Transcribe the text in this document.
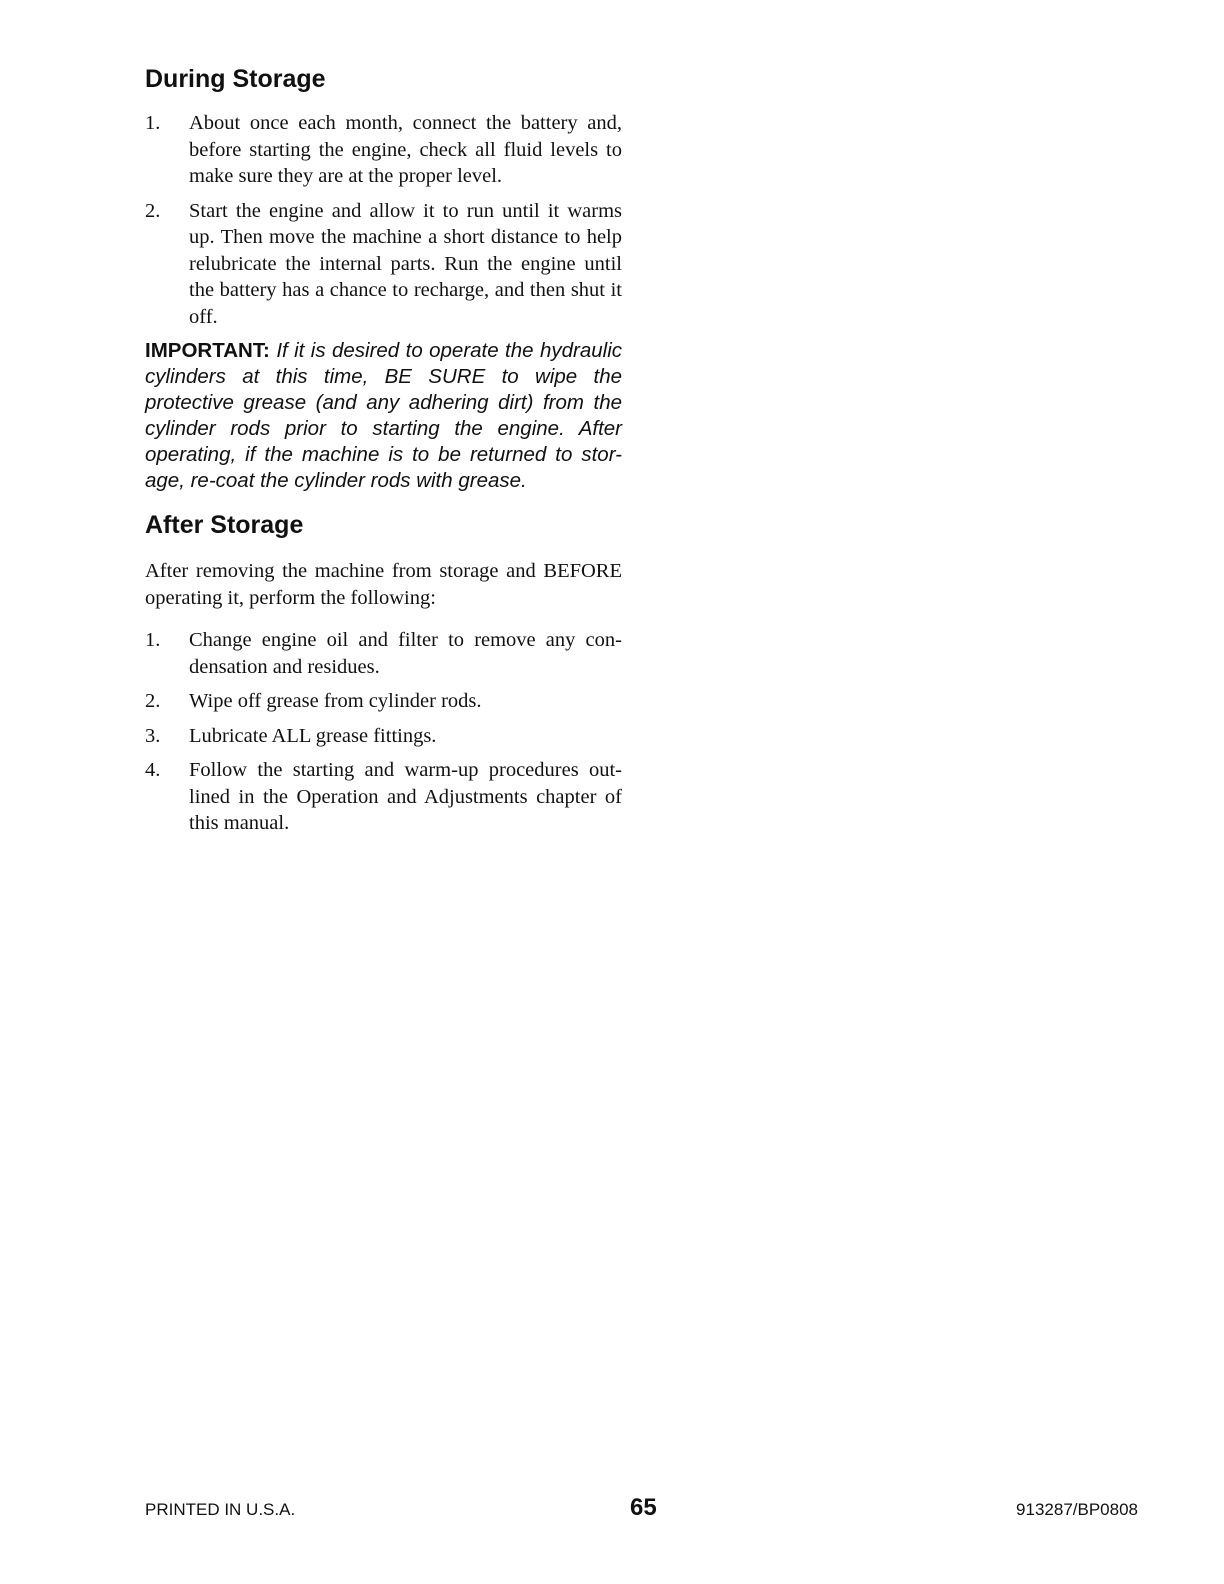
During Storage
1.	About once each month, connect the battery and, before starting the engine, check all fluid levels to make sure they are at the proper level.
2.	Start the engine and allow it to run until it warms up. Then move the machine a short distance to help relubricate the internal parts. Run the engine until the battery has a chance to recharge, and then shut it off.

IMPORTANT: If it is desired to operate the hydraulic cylinders at this time, BE SURE to wipe the protective grease (and any adhering dirt) from the cylinder rods prior to starting the engine. After operating, if the machine is to be returned to stor-age, re-coat the cylinder rods with grease.

After Storage

After removing the machine from storage and BEFORE operating it, perform the following:

1.	Change engine oil and filter to remove any con-densation and residues.
2.	Wipe off grease from cylinder rods.
3.	Lubricate ALL grease fittings.
4.	Follow the starting and warm-up procedures out-lined in the Operation and Adjustments chapter of this manual.
PRINTED IN U.S.A.	65	913287/BP0808
